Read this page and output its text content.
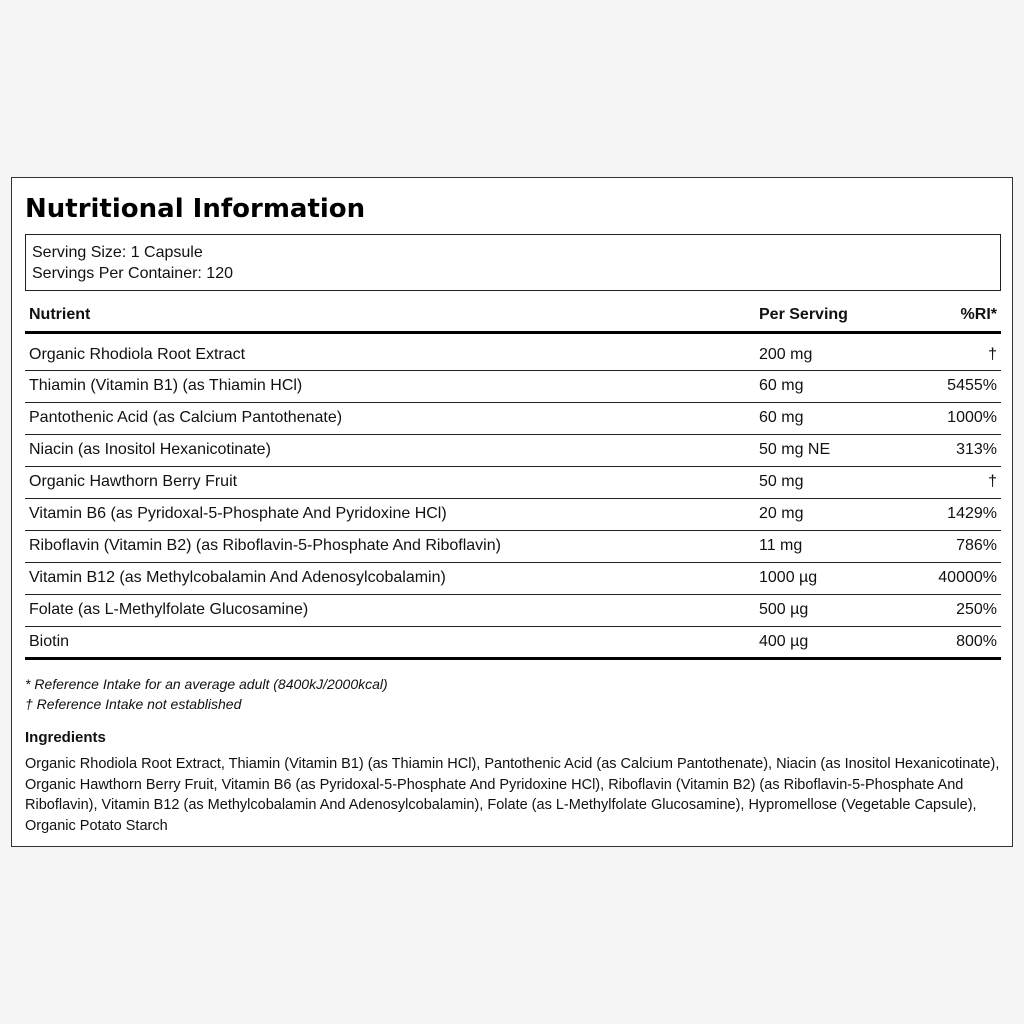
Nutritional Information
Serving Size: 1 Capsule
Servings Per Container: 120
Nutrient	Per Serving	%RI*
Organic Rhodiola Root Extract	200 mg	†
Thiamin (Vitamin B1) (as Thiamin HCl)	60 mg	5455%
Pantothenic Acid (as Calcium Pantothenate)	60 mg	1000%
Niacin (as Inositol Hexanicotinate)	50 mg NE	313%
Organic Hawthorn Berry Fruit	50 mg	†
Vitamin B6 (as Pyridoxal-5-Phosphate And Pyridoxine HCl)	20 mg	1429%
Riboflavin (Vitamin B2) (as Riboflavin-5-Phosphate And Riboflavin)	11 mg	786%
Vitamin B12 (as Methylcobalamin And Adenosylcobalamin)	1000 µg	40000%
Folate (as L-Methylfolate Glucosamine)	500 µg	250%
Biotin	400 µg	800%
* Reference Intake for an average adult (8400kJ/2000kcal)
† Reference Intake not established
Ingredients
Organic Rhodiola Root Extract, Thiamin (Vitamin B1) (as Thiamin HCl), Pantothenic Acid (as Calcium Pantothenate), Niacin (as Inositol Hexanicotinate), Organic Hawthorn Berry Fruit, Vitamin B6 (as Pyridoxal-5-Phosphate And Pyridoxine HCl), Riboflavin (Vitamin B2) (as Riboflavin-5-Phosphate And Riboflavin), Vitamin B12 (as Methylcobalamin And Adenosylcobalamin), Folate (as L-Methylfolate Glucosamine), Hypromellose (Vegetable Capsule), Organic Potato Starch
